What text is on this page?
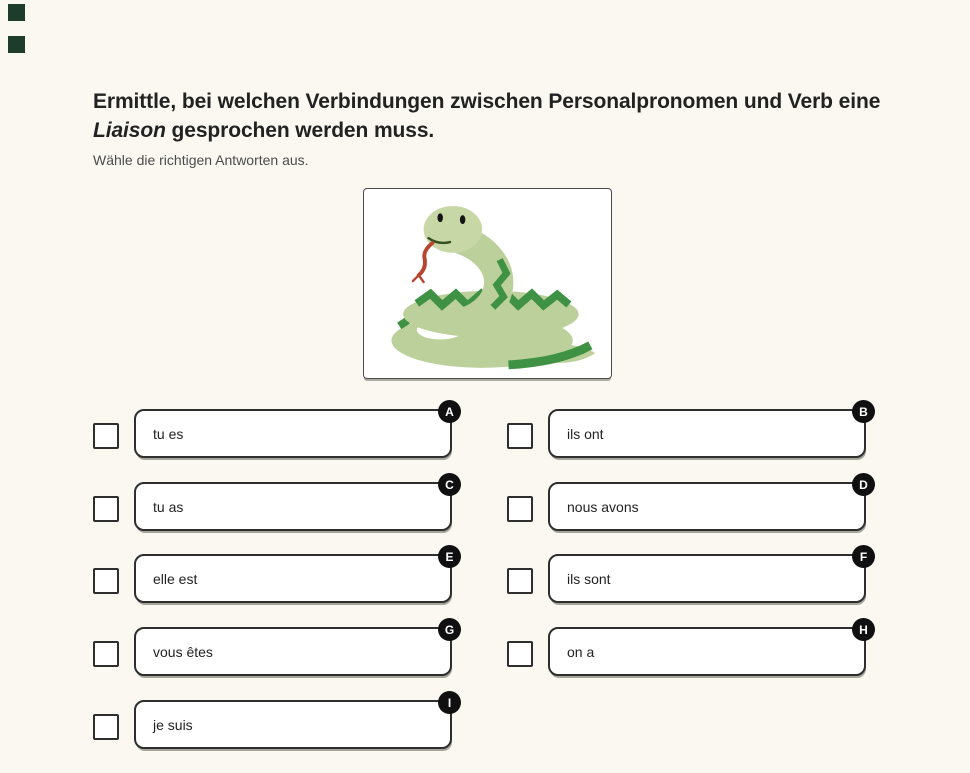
Ermittle, bei welchen Verbindungen zwischen Personalpronomen und Verb eine Liaison gesprochen werden muss.
Wähle die richtigen Antworten aus.
tu es
A
ils ont
B
tu as
C
nous avons
D
elle est
E
ils sont
F
vous êtes
G
on a
H
je suis
I
